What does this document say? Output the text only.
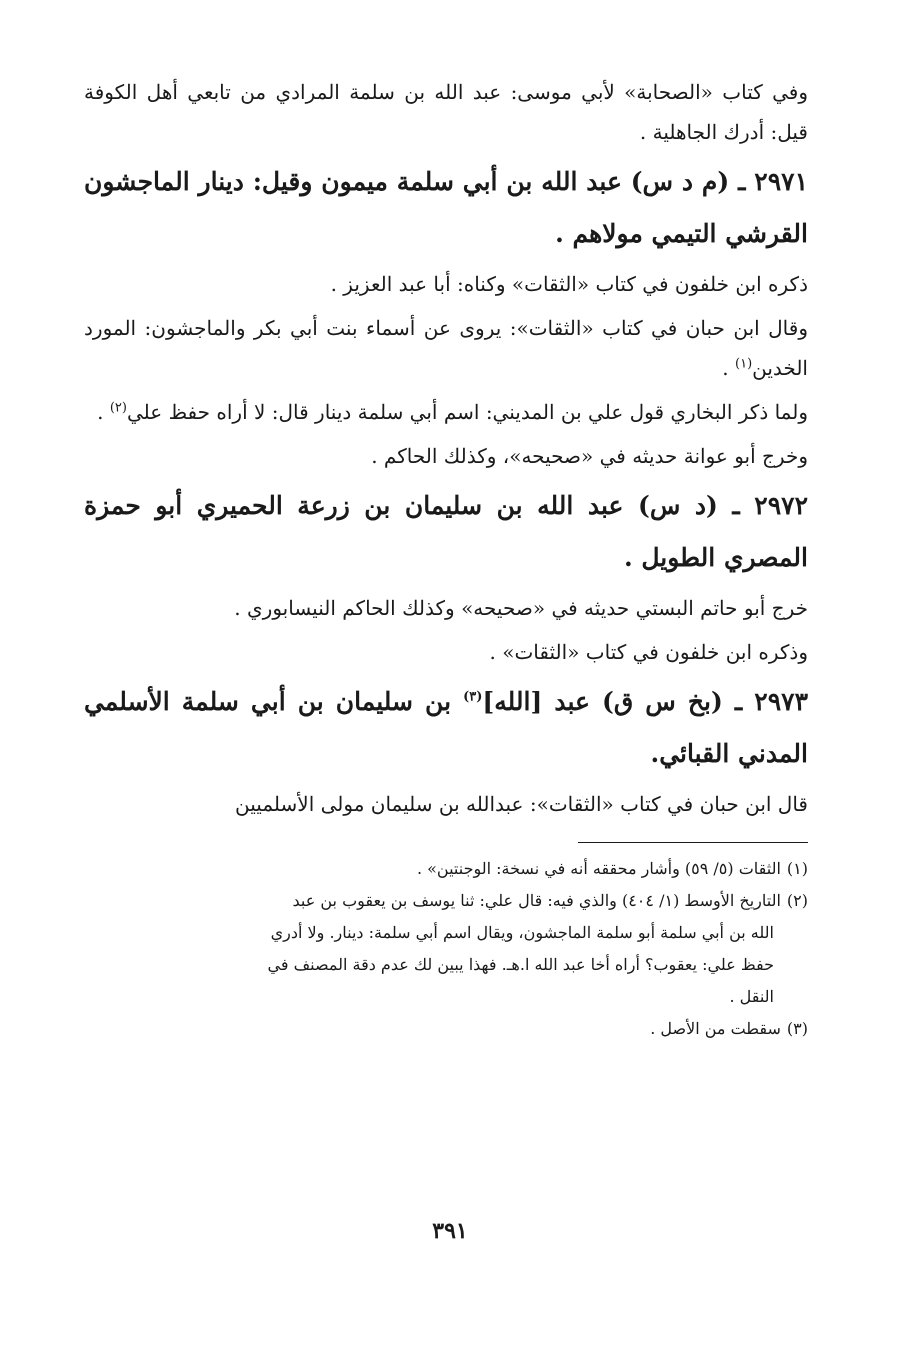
وفي كتاب «الصحابة» لأبي موسى: عبد الله بن سلمة المرادي من تابعي أهل الكوفة قيل: أدرك الجاهلية .

٢٩٧١ ـ (م د س) عبد الله بن أبي سلمة ميمون وقيل: دينار الماجشون القرشي التيمي مولاهم .

ذكره ابن خلفون في كتاب «الثقات» وكناه: أبا عبد العزيز .

وقال ابن حبان في كتاب «الثقات»: يروى عن أسماء بنت أبي بكر والماجشون: المورد الخدين$^{(١)}$ .

ولما ذكر البخاري قول علي بن المديني: اسم أبي سلمة دينار قال: لا أراه حفظ علي$^{(٢)}$ .

وخرج أبو عوانة حديثه في «صحيحه»، وكذلك الحاكم .

٢٩٧٢ ـ (د س) عبد الله بن سليمان بن زرعة الحميري أبو حمزة المصري الطويل .

خرج أبو حاتم البستي حديثه في «صحيحه» وكذلك الحاكم النيسابوري .

وذكره ابن خلفون في كتاب «الثقات» .

٢٩٧٣ ـ (بخ س ق) عبد [الله]$^{(٣)}$ بن سليمان بن أبي سلمة الأسلمي المدني القبائي.

قال ابن حبان في كتاب «الثقات»: عبدالله بن سليمان مولى الأسلميين

(١)الثقات (٥/ ٥٩) وأشار محققه أنه في نسخة: الوجنتين» .

(٢)التاريخ الأوسط (١/ ٤٠٤) والذي فيه: قال علي: ثنا يوسف بن يعقوب بن عبد

الله بن أبي سلمة أبو سلمة الماجشون، ويقال اسم أبي سلمة: دينار. ولا أدري

حفظ علي: يعقوب؟ أراه أخا عبد الله ا.هـ. فهذا يبين لك عدم دقة المصنف في

النقل .

(٣)سقطت من الأصل .

٣٩١
